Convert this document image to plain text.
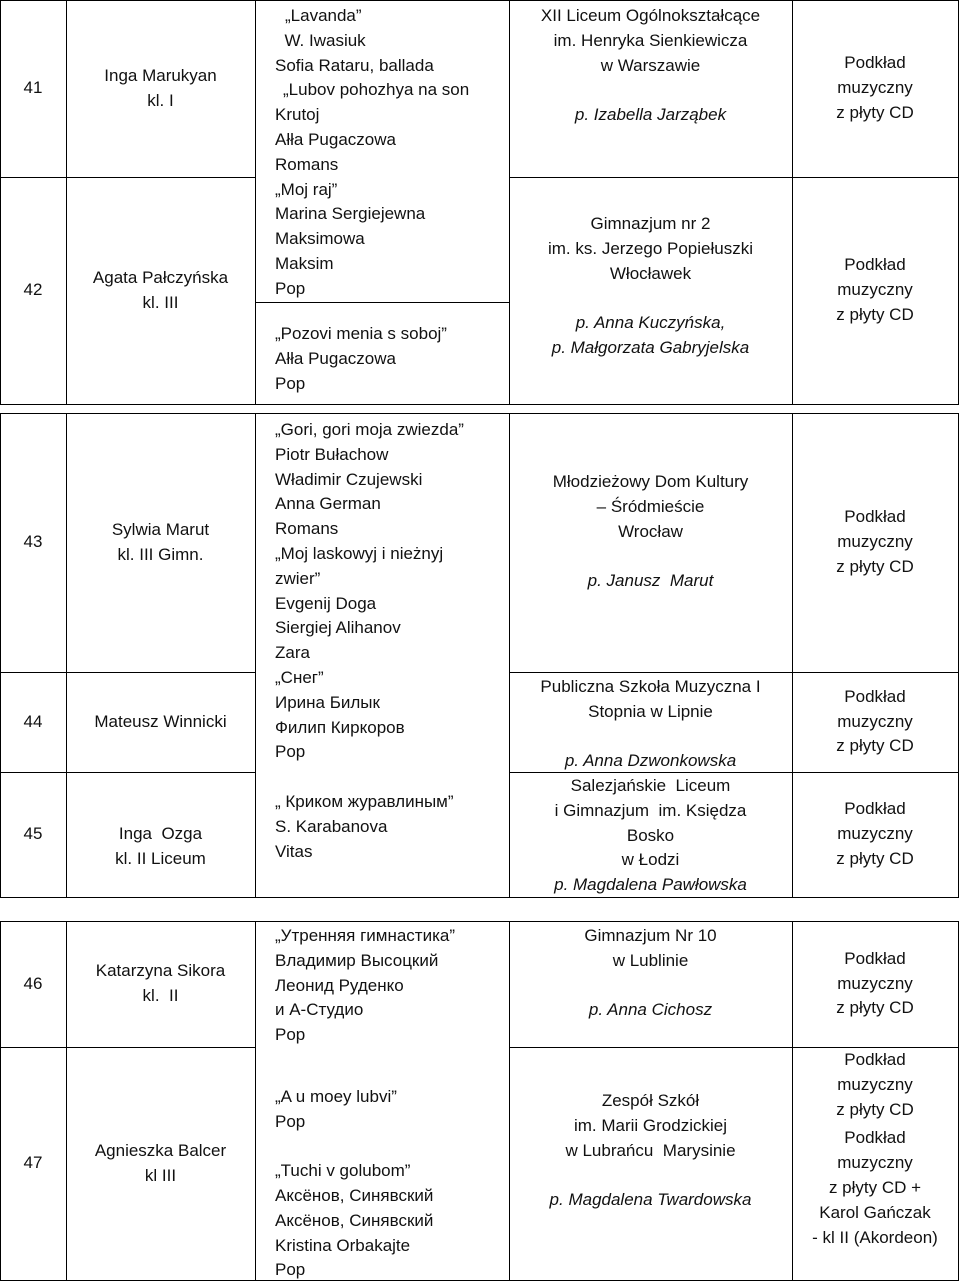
41
Inga Marukyan
kl. I
XII Liceum Ogólnokształcące
im. Henryka Sienkiewicza
w Warszawie
p. Izabella Jarząbek
Podkład
muzyczny
z płyty CD
„Lavanda”
W. Iwasiuk
Sofia Rataru, ballada
„Lubov pohozhya na son
Krutoj
Ałła Pugaczowa
Romans
„Moj raj”
Marina Sergiejewna
Maksimowa
Maksim
Pop
„Pozovi menia s soboj”
Ałła Pugaczowa
Pop
42
Agata Pałczyńska
kl. III
Gimnazjum nr 2
im. ks. Jerzego Popiełuszki
Włocławek
p. Anna Kuczyńska,
p. Małgorzata Gabryjelska
Podkład
muzyczny
z płyty CD
43
Sylwia Marut
kl. III Gimn.
Młodzieżowy Dom Kultury
– Śródmieście
Wrocław
p. Janusz  Marut
Podkład
muzyczny
z płyty CD
44	Mateusz Winnicki
Publiczna Szkoła Muzyczna I
Stopnia w Lipnie
p. Anna Dzwonkowska
Podkład
muzyczny
z płyty CD
45	Inga  Ozga
kl. II Liceum
Salezjańskie  Liceum
i Gimnazjum  im. Księdza
Bosko
w Łodzi
p. Magdalena Pawłowska
Podkład
muzyczny
z płyty CD
„Gori, gori moja zwiezda”
Piotr Bułachow
Władimir Czujewski
Anna German
Romans
„Moj laskowyj i nieżnyj
zwier”
Evgenij Doga
Siergiej Alihanov
Zara
„Снег”
Ирина Билык
Филип Киркоров
Pop
„ Криком журавлиным”
S. Karabanova
Vitas
46
Katarzyna Sikora
kl.  II
Gimnazjum Nr 10
w Lublinie
p. Anna Cichosz
Podkład
muzyczny
z płyty CD
47
Agnieszka Balcer
kl III
Zespół Szkół
im. Marii Grodzickiej
w Lubrańcu  Marysinie
p. Magdalena Twardowska
Podkład
muzyczny
z płyty CD
Podkład
muzyczny
z płyty CD +
Karol Gańczak
- kl II (Akordeon)
„Утренняя гимнастика”
Владимир Высоцкий
Леонид Руденко
и А-Студио
Pop
„A u moey lubvi”
Pop
„Tuchi v golubom”
Аксёнов, Синявский
Аксёнов, Синявский
Kristina Orbakajte
Pop
